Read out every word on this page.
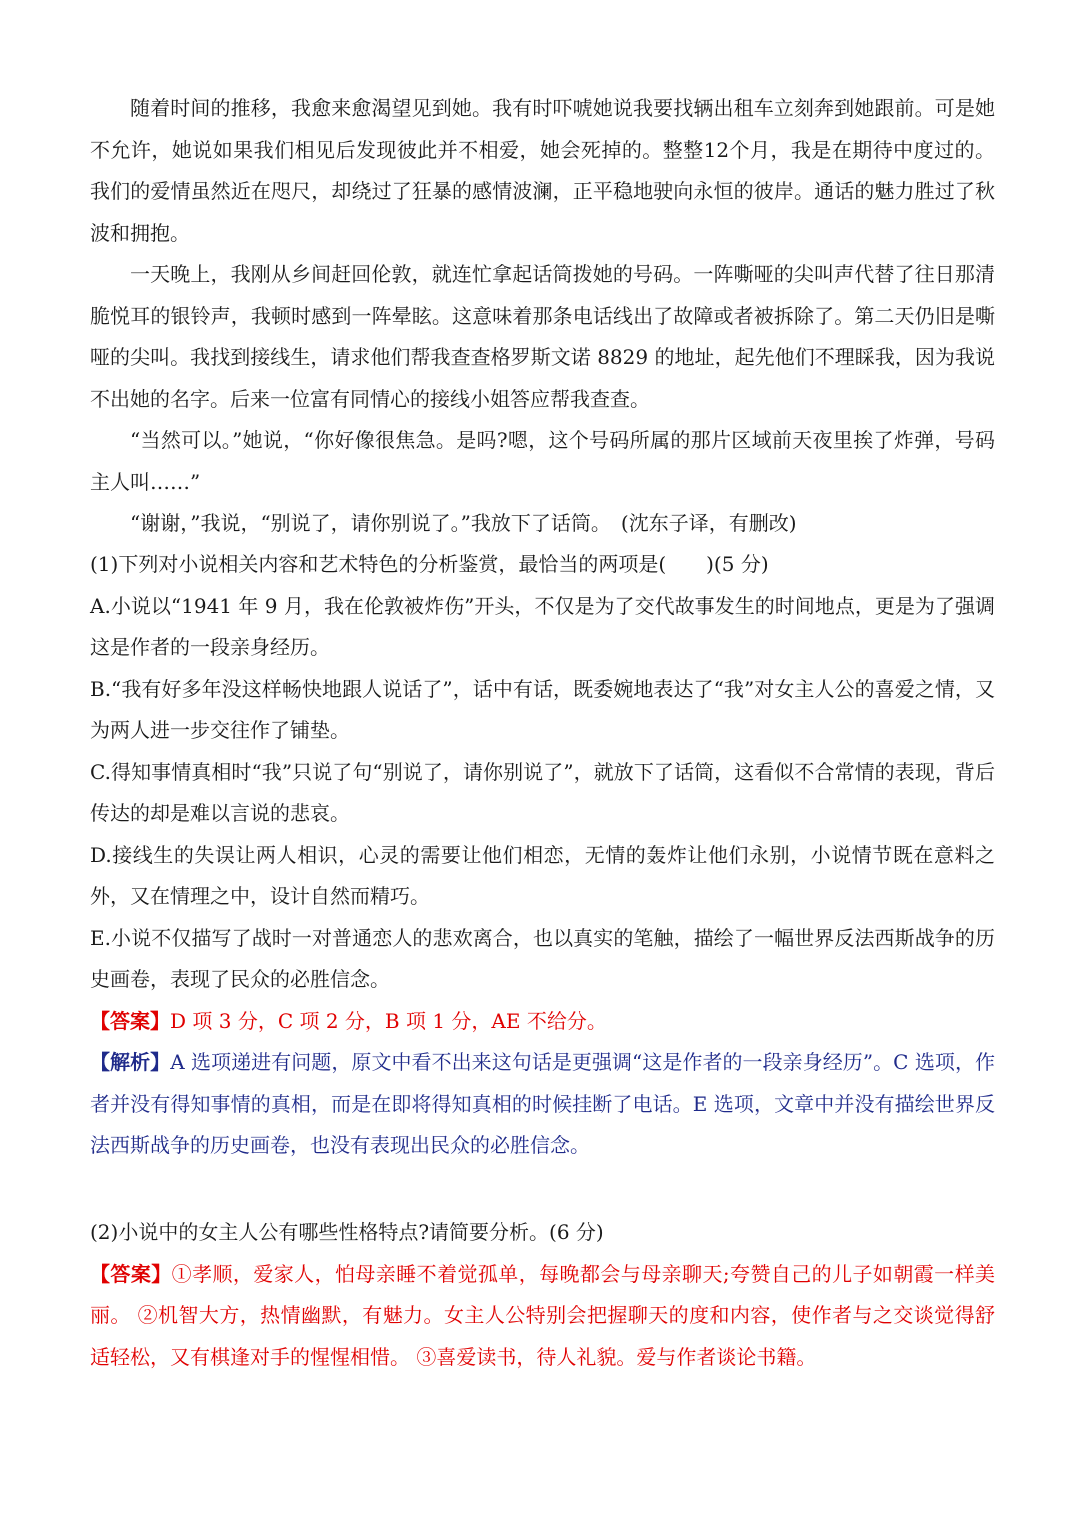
随着时间的推移，我愈来愈渴望见到她。我有时吓唬她说我要找辆出租车立刻奔到她跟前。可是她不允许，她说如果我们相见后发现彼此并不相爱，她会死掉的。整整12个月，我是在期待中度过的。我们的爱情虽然近在咫尺，却绕过了狂暴的感情波澜，正平稳地驶向永恒的彼岸。通话的魅力胜过了秋波和拥抱。

一天晚上，我刚从乡间赶回伦敦，就连忙拿起话筒拨她的号码。一阵嘶哑的尖叫声代替了往日那清脆悦耳的银铃声，我顿时感到一阵晕眩。这意味着那条电话线出了故障或者被拆除了。第二天仍旧是嘶哑的尖叫。我找到接线生，请求他们帮我查查格罗斯文诺 8829 的地址，起先他们不理睬我，因为我说不出她的名字。后来一位富有同情心的接线小姐答应帮我查查。

“当然可以。”她说，“你好像很焦急。是吗?嗯，这个号码所属的那片区域前天夜里挨了炸弹，号码主人叫……”

“谢谢，”我说，“别说了，请你别说了。”我放下了话筒。　(沈东子译，有删改)

(1)下列对小说相关内容和艺术特色的分析鉴赏，最恰当的两项是(　　)(5 分)

A.小说以“1941 年 9 月，我在伦敦被炸伤”开头，不仅是为了交代故事发生的时间地点，更是为了强调这是作者的一段亲身经历。

B.“我有好多年没这样畅快地跟人说话了”，话中有话，既委婉地表达了“我”对女主人公的喜爱之情，又为两人进一步交往作了铺垫。

C.得知事情真相时“我”只说了句“别说了，请你别说了”，就放下了话筒，这看似不合常情的表现，背后传达的却是难以言说的悲哀。

D.接线生的失误让两人相识，心灵的需要让他们相恋，无情的轰炸让他们永别，小说情节既在意料之外，又在情理之中，设计自然而精巧。

E.小说不仅描写了战时一对普通恋人的悲欢离合，也以真实的笔触，描绘了一幅世界反法西斯战争的历史画卷，表现了民众的必胜信念。

【答案】D 项 3 分，C 项 2 分，B 项 1 分，AE 不给分。

【解析】A 选项递进有问题，原文中看不出来这句话是更强调“这是作者的一段亲身经历”。C 选项，作者并没有得知事情的真相，而是在即将得知真相的时候挂断了电话。E 选项，文章中并没有描绘世界反法西斯战争的历史画卷，也没有表现出民众的必胜信念。

(2)小说中的女主人公有哪些性格特点?请简要分析。(6 分)

【答案】①孝顺，爱家人，怕母亲睡不着觉孤单，每晚都会与母亲聊天;夸赞自己的儿子如朝霞一样美丽。 ②机智大方，热情幽默，有魅力。女主人公特别会把握聊天的度和内容，使作者与之交谈觉得舒适轻松，又有棋逢对手的惺惺相惜。 ③喜爱读书，待人礼貌。爱与作者谈论书籍。
